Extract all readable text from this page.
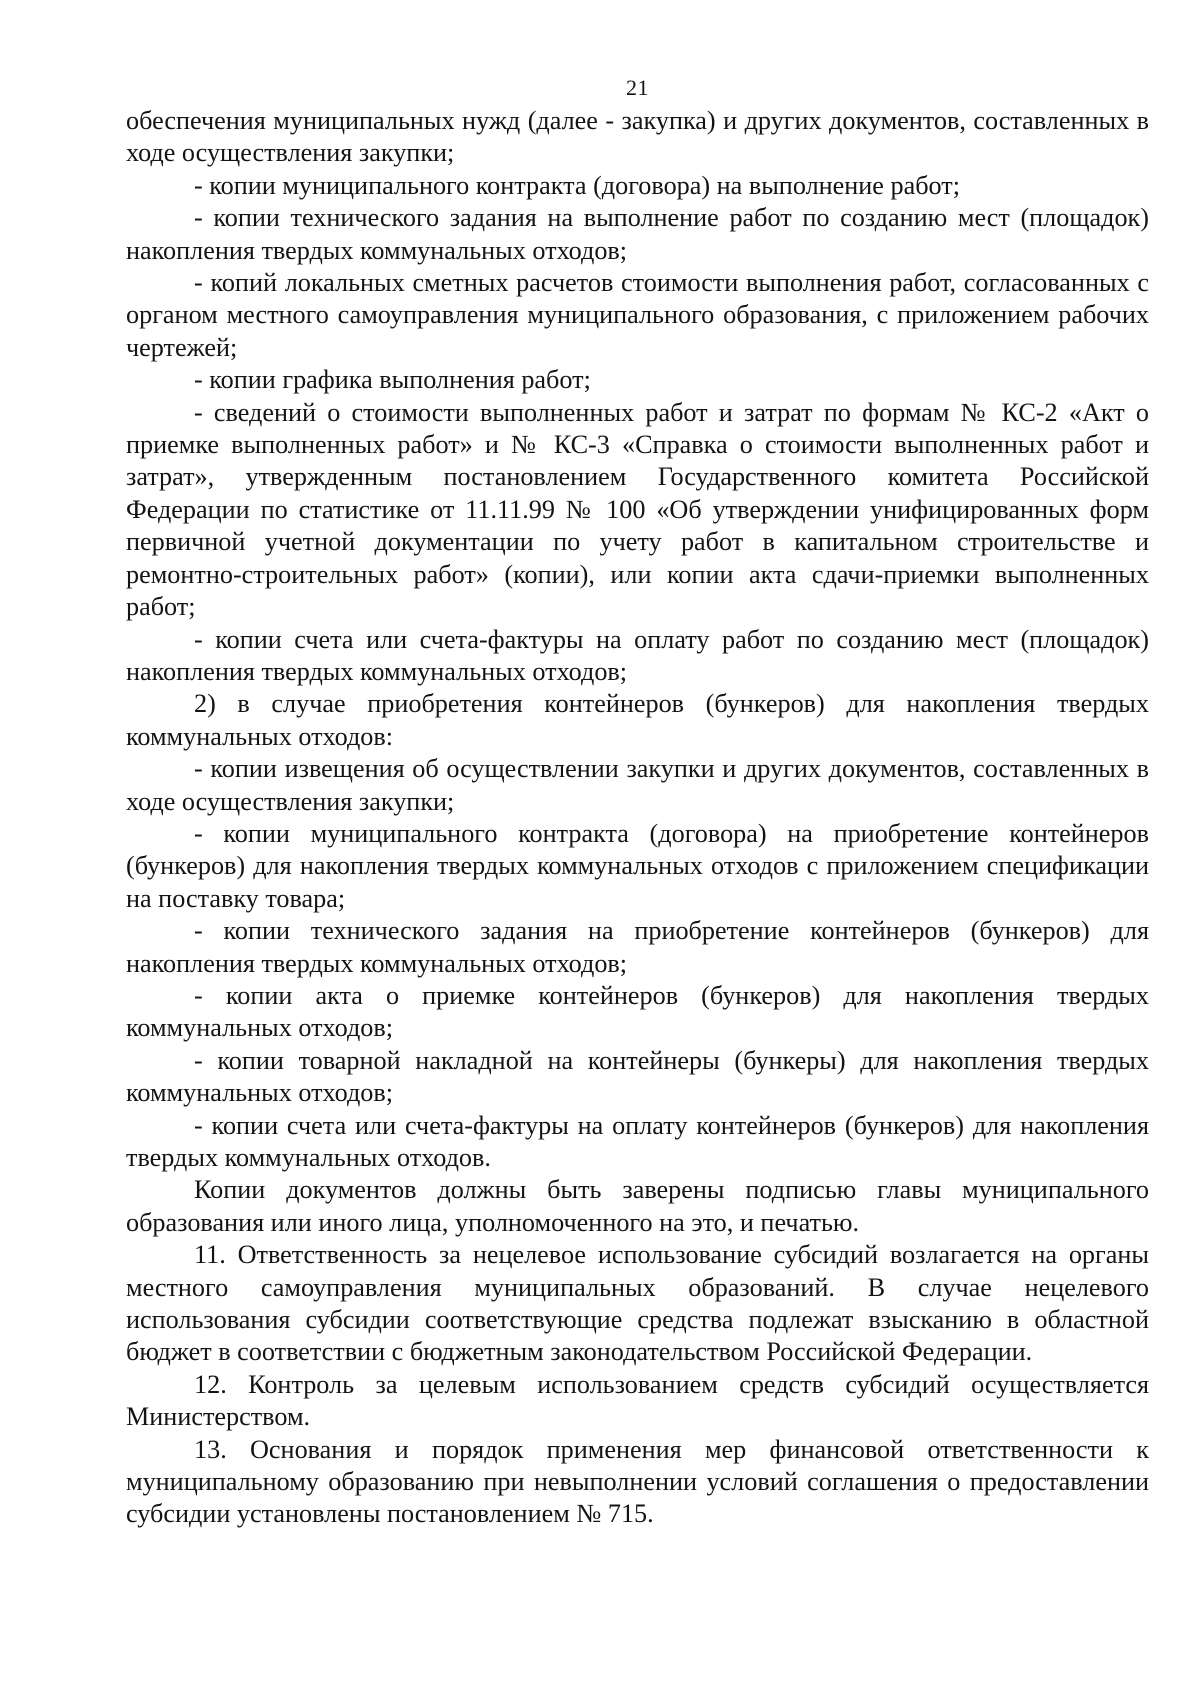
21

обеспечения муниципальных нужд (далее - закупка) и других документов, составленных в ходе осуществления закупки;

- копии муниципального контракта (договора) на выполнение работ;

- копии технического задания на выполнение работ по созданию мест (площадок) накопления твердых коммунальных отходов;

- копий локальных сметных расчетов стоимости выполнения работ, согласованных с органом местного самоуправления муниципального образования, с приложением рабочих чертежей;

- копии графика выполнения работ;

- сведений о стоимости выполненных работ и затрат по формам № КС-2 «Акт о приемке выполненных работ» и № КС-3 «Справка о стоимости выполненных работ и затрат», утвержденным постановлением Государственного комитета Российской Федерации по статистике от 11.11.99 № 100 «Об утверждении унифицированных форм первичной учетной документации по учету работ в капитальном строительстве и ремонтно-строительных работ» (копии), или копии акта сдачи-приемки выполненных работ;

- копии счета или счета-фактуры на оплату работ по созданию мест (площадок) накопления твердых коммунальных отходов;

2) в случае приобретения контейнеров (бункеров) для накопления твердых коммунальных отходов:

- копии извещения об осуществлении закупки и других документов, составленных в ходе осуществления закупки;

- копии муниципального контракта (договора) на приобретение контейнеров (бункеров) для накопления твердых коммунальных отходов с приложением спецификации на поставку товара;

- копии технического задания на приобретение контейнеров (бункеров) для накопления твердых коммунальных отходов;

- копии акта о приемке контейнеров (бункеров) для накопления твердых коммунальных отходов;

- копии товарной накладной на контейнеры (бункеры) для накопления твердых коммунальных отходов;

- копии счета или счета-фактуры на оплату контейнеров (бункеров) для накопления твердых коммунальных отходов.

Копии документов должны быть заверены подписью главы муниципального образования или иного лица, уполномоченного на это, и печатью.

11. Ответственность за нецелевое использование субсидий возлагается на органы местного самоуправления муниципальных образований. В случае нецелевого использования субсидии соответствующие средства подлежат взысканию в областной бюджет в соответствии с бюджетным законодательством Российской Федерации.

12. Контроль за целевым использованием средств субсидий осуществляется Министерством.

13. Основания и порядок применения мер финансовой ответственности к муниципальному образованию при невыполнении условий соглашения о предоставлении субсидии установлены постановлением № 715.
